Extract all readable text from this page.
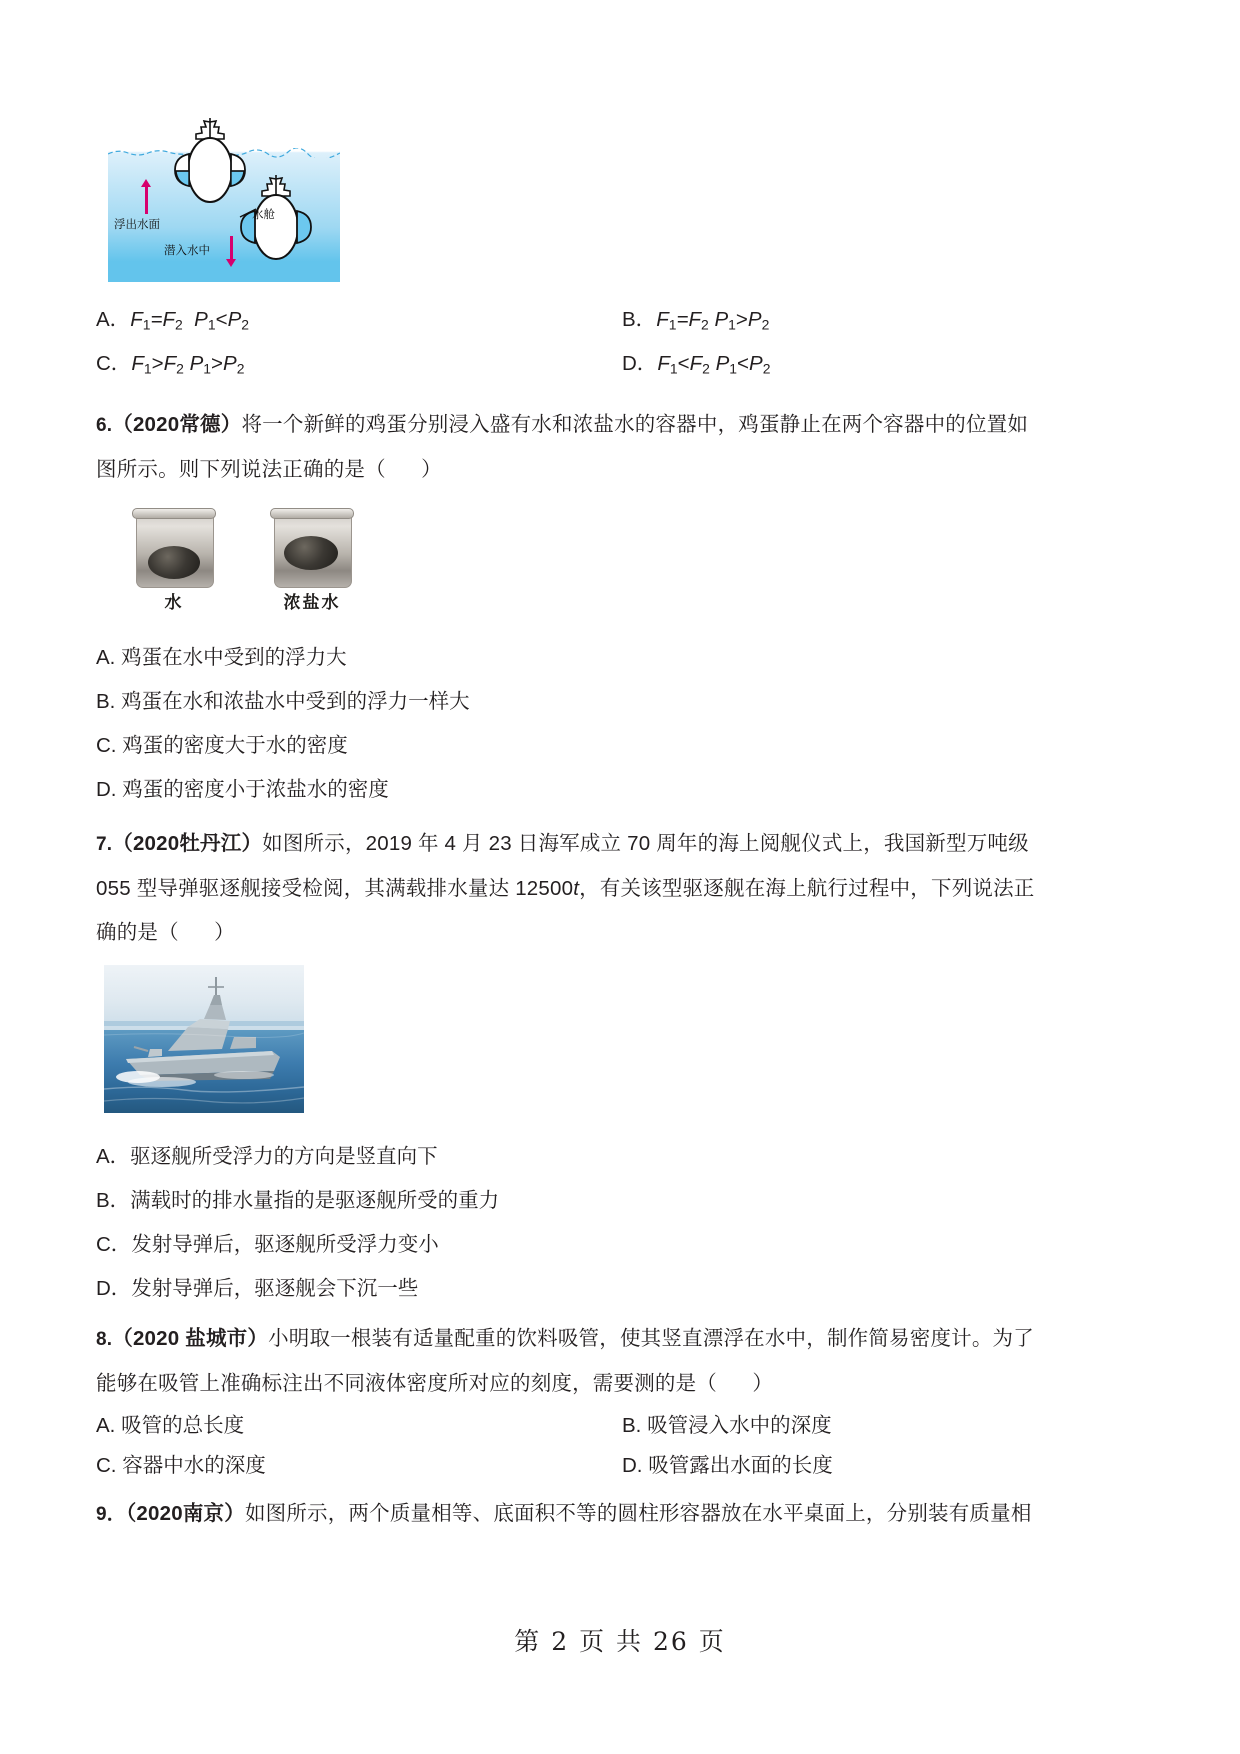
浮出水面
水舱
潜入水中
A．$F_1=F_2$ $P_1<P_2$	B．$F_1=F_2$ $P_1>P_2$
C．$F_1>F_2$ $P_1>P_2$	D．$F_1<F_2$ $P_1<P_2$
6.（2020常德）将一个新鲜的鸡蛋分别浸入盛有水和浓盐水的容器中，鸡蛋静止在两个容器中的位置如
图所示。则下列说法正确的是（      ）
水	浓盐水
A. 鸡蛋在水中受到的浮力大
B. 鸡蛋在水和浓盐水中受到的浮力一样大
C. 鸡蛋的密度大于水的密度
D. 鸡蛋的密度小于浓盐水的密度
7.（2020牡丹江）如图所示，2019 年 4 月 23 日海军成立 70 周年的海上阅舰仪式上，我国新型万吨级
055 型导弹驱逐舰接受检阅，其满载排水量达 12500t，有关该型驱逐舰在海上航行过程中，下列说法正
确的是（      ）
A．驱逐舰所受浮力的方向是竖直向下
B．满载时的排水量指的是驱逐舰所受的重力
C．发射导弹后，驱逐舰所受浮力变小
D．发射导弹后，驱逐舰会下沉一些
8.（2020 盐城市）小明取一根装有适量配重的饮料吸管，使其竖直漂浮在水中，制作简易密度计。为了
能够在吸管上准确标注出不同液体密度所对应的刻度，需要测的是（      ）
A. 吸管的总长度	B. 吸管浸入水中的深度
C. 容器中水的深度	D. 吸管露出水面的长度
9．（2020南京）如图所示，两个质量相等、底面积不等的圆柱形容器放在水平桌面上，分别装有质量相
第 2 页 共 26 页
